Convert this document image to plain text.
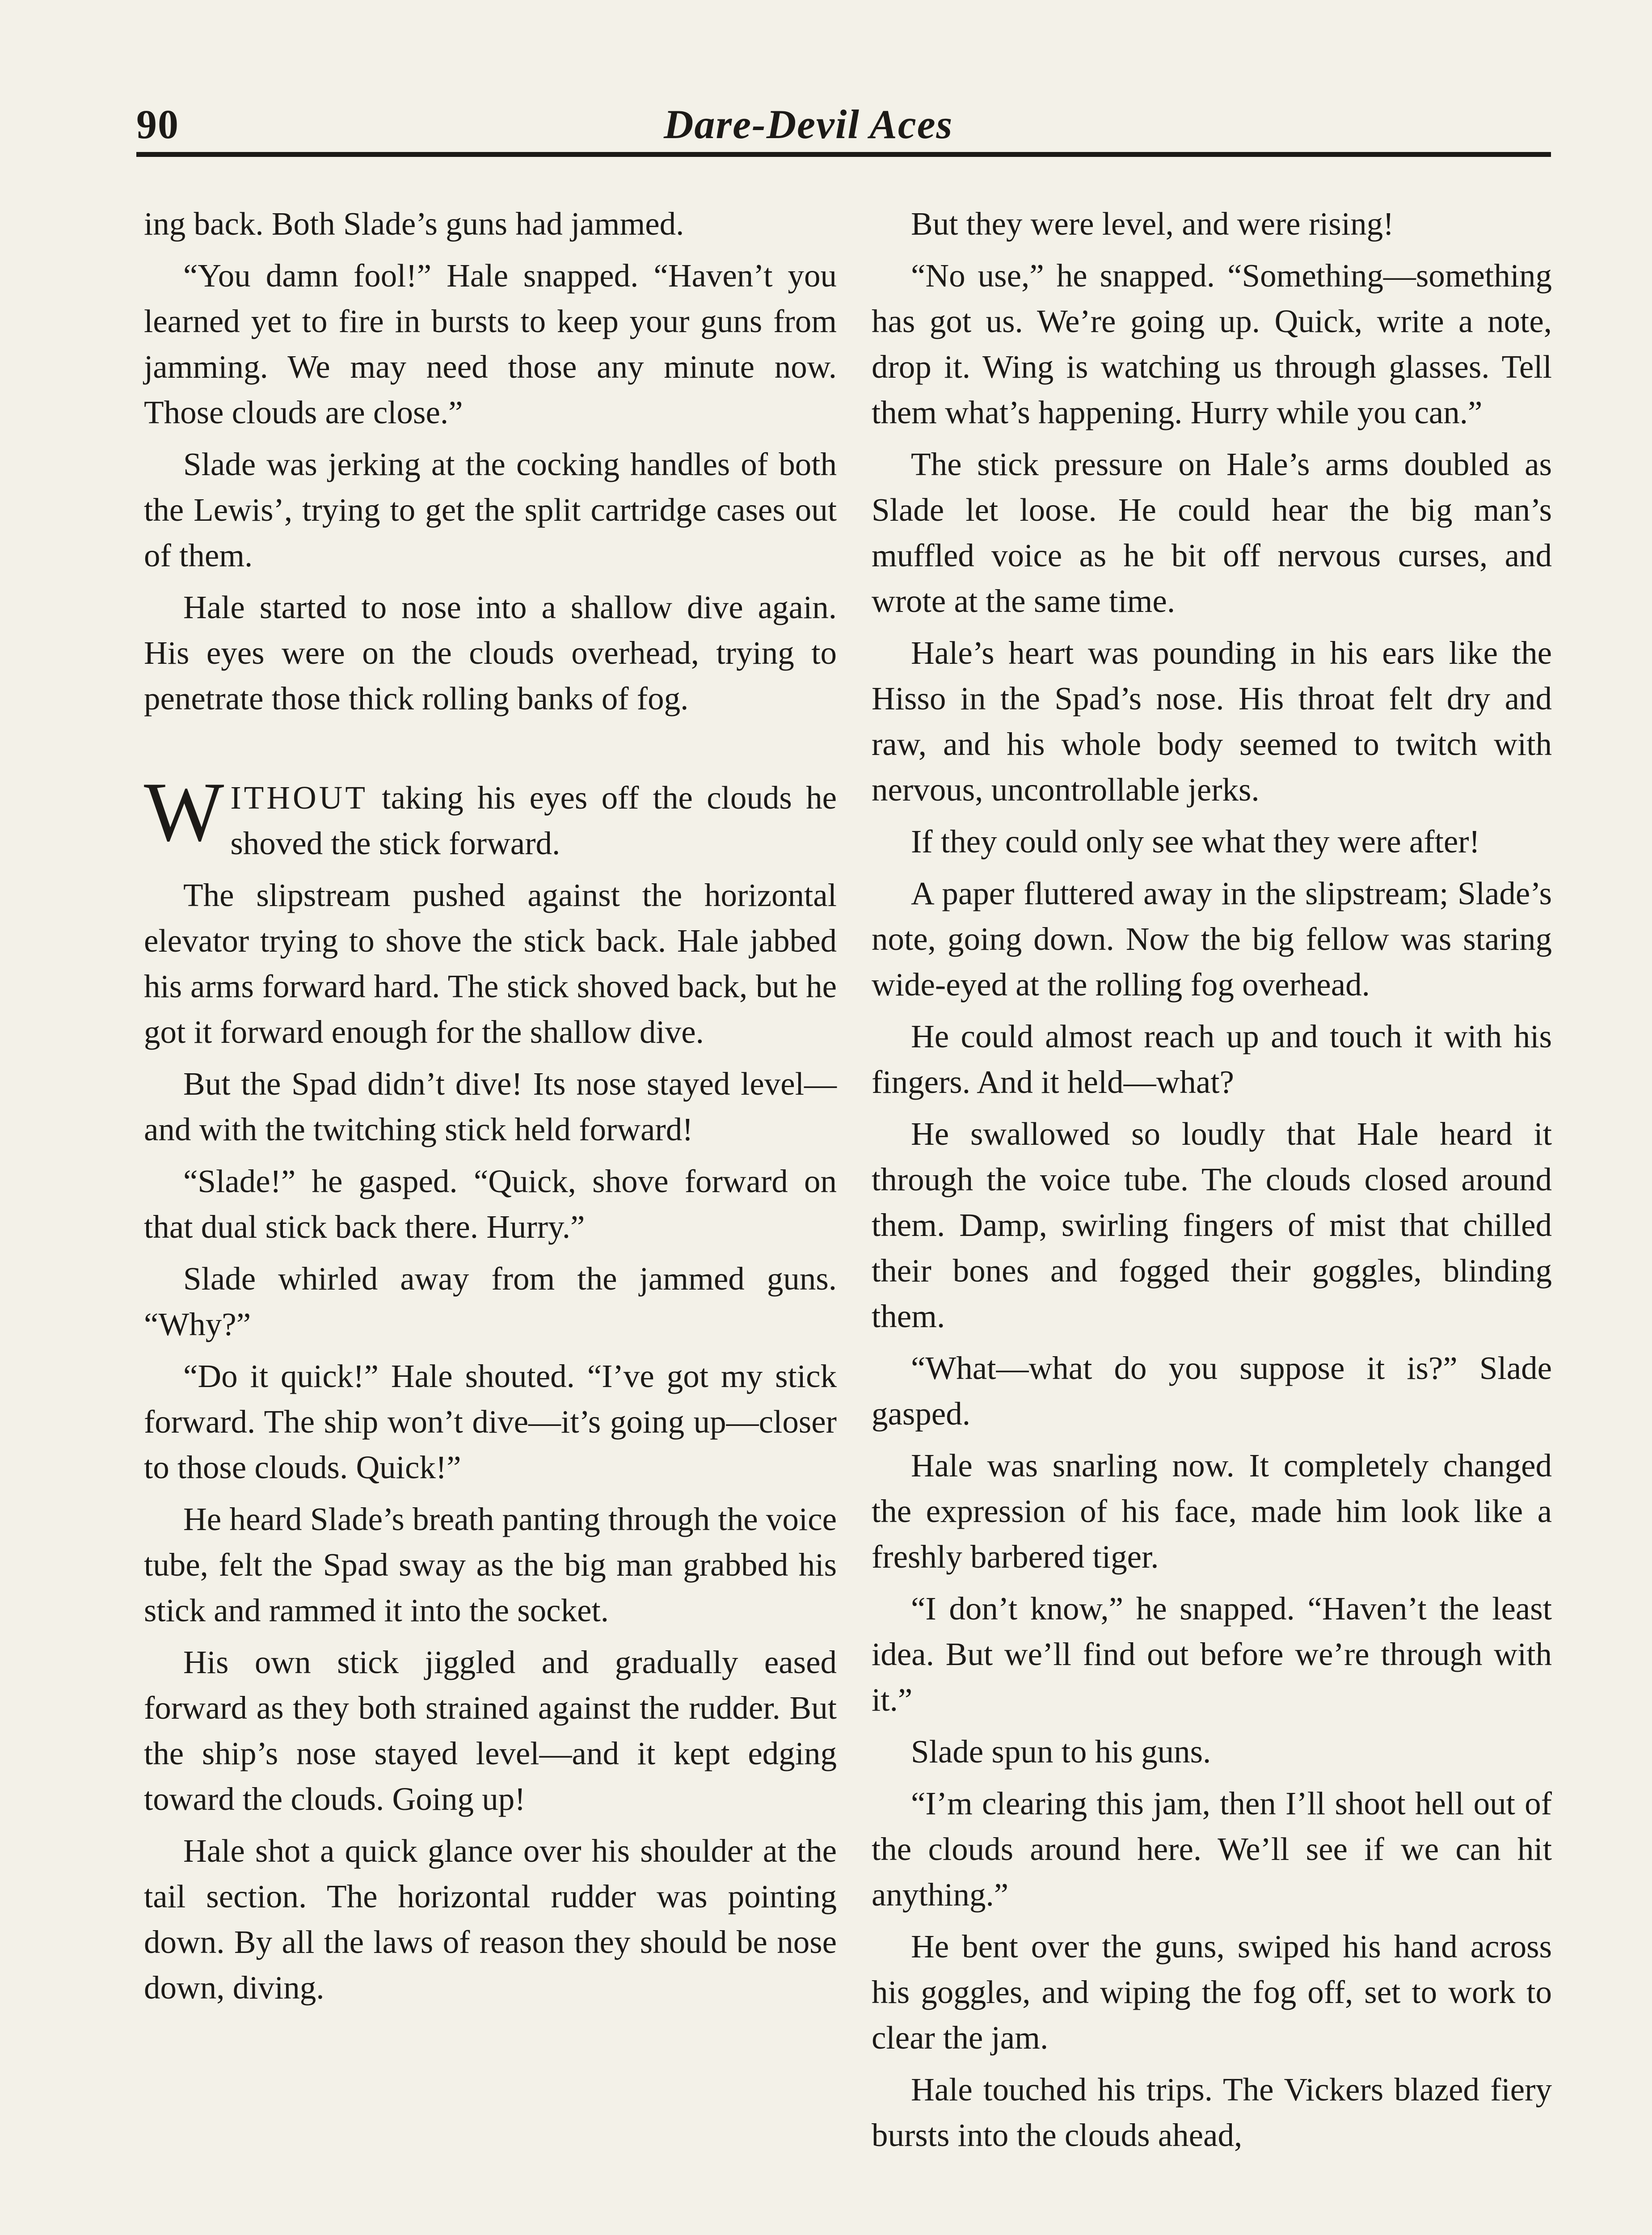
90	Dare-Devil Aces

ing back. Both Slade’s guns had jammed.

“You damn fool!” Hale snapped. “Haven’t you learned yet to fire in bursts to keep your guns from jamming. We may need those any minute now. Those clouds are close.”

Slade was jerking at the cocking handles of both the Lewis’, trying to get the split cartridge cases out of them.

Hale started to nose into a shallow dive again. His eyes were on the clouds overhead, trying to penetrate those thick rolling banks of fog.

WITHOUT taking his eyes off the clouds he shoved the stick forward.

The slipstream pushed against the horizontal elevator trying to shove the stick back. Hale jabbed his arms forward hard. The stick shoved back, but he got it forward enough for the shallow dive.

But the Spad didn’t dive! Its nose stayed level—and with the twitching stick held forward!

“Slade!” he gasped. “Quick, shove forward on that dual stick back there. Hurry.”

Slade whirled away from the jammed guns. “Why?”

“Do it quick!” Hale shouted. “I’ve got my stick forward. The ship won’t dive—it’s going up—closer to those clouds. Quick!”

He heard Slade’s breath panting through the voice tube, felt the Spad sway as the big man grabbed his stick and rammed it into the socket.

His own stick jiggled and gradually eased forward as they both strained against the rudder. But the ship’s nose stayed level—and it kept edging toward the clouds. Going up!

Hale shot a quick glance over his shoulder at the tail section. The horizontal rudder was pointing down. By all the laws of reason they should be nose down, diving.

But they were level, and were rising!

“No use,” he snapped. “Something—something has got us. We’re going up. Quick, write a note, drop it. Wing is watching us through glasses. Tell them what’s happening. Hurry while you can.”

The stick pressure on Hale’s arms doubled as Slade let loose. He could hear the big man’s muffled voice as he bit off nervous curses, and wrote at the same time.

Hale’s heart was pounding in his ears like the Hisso in the Spad’s nose. His throat felt dry and raw, and his whole body seemed to twitch with nervous, uncontrollable jerks.

If they could only see what they were after!

A paper fluttered away in the slipstream; Slade’s note, going down. Now the big fellow was staring wide-eyed at the rolling fog overhead.

He could almost reach up and touch it with his fingers. And it held—what?

He swallowed so loudly that Hale heard it through the voice tube. The clouds closed around them. Damp, swirling fingers of mist that chilled their bones and fogged their goggles, blinding them.

“What—what do you suppose it is?” Slade gasped.

Hale was snarling now. It completely changed the expression of his face, made him look like a freshly barbered tiger.

“I don’t know,” he snapped. “Haven’t the least idea. But we’ll find out before we’re through with it.”

Slade spun to his guns.

“I’m clearing this jam, then I’ll shoot hell out of the clouds around here. We’ll see if we can hit anything.”

He bent over the guns, swiped his hand across his goggles, and wiping the fog off, set to work to clear the jam.

Hale touched his trips. The Vickers blazed fiery bursts into the clouds ahead,
